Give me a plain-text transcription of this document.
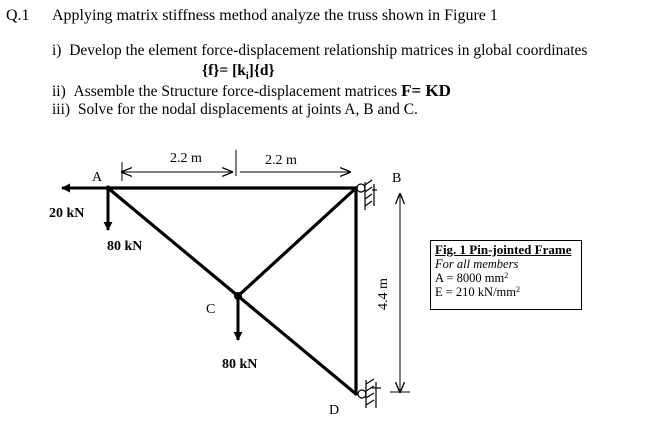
Q.1 Applying matrix stiffness method analyze the truss shown in Figure 1
i) Develop the element force-displacement relationship matrices in global coordinates
$\{f\}= [k_i]\{d\}$
ii) Assemble the Structure force-displacement matrices F= KD
iii) Solve for the nodal displacements at joints A, B and C.
2.2 m	2.2 m
4.4 m
A	B
C
D
20 kN
80 kN
80 kN
Fig. 1 Pin-jointed Frame
For all members
A = 8000 $mm^2$
E = 210 $kN/mm^2$
